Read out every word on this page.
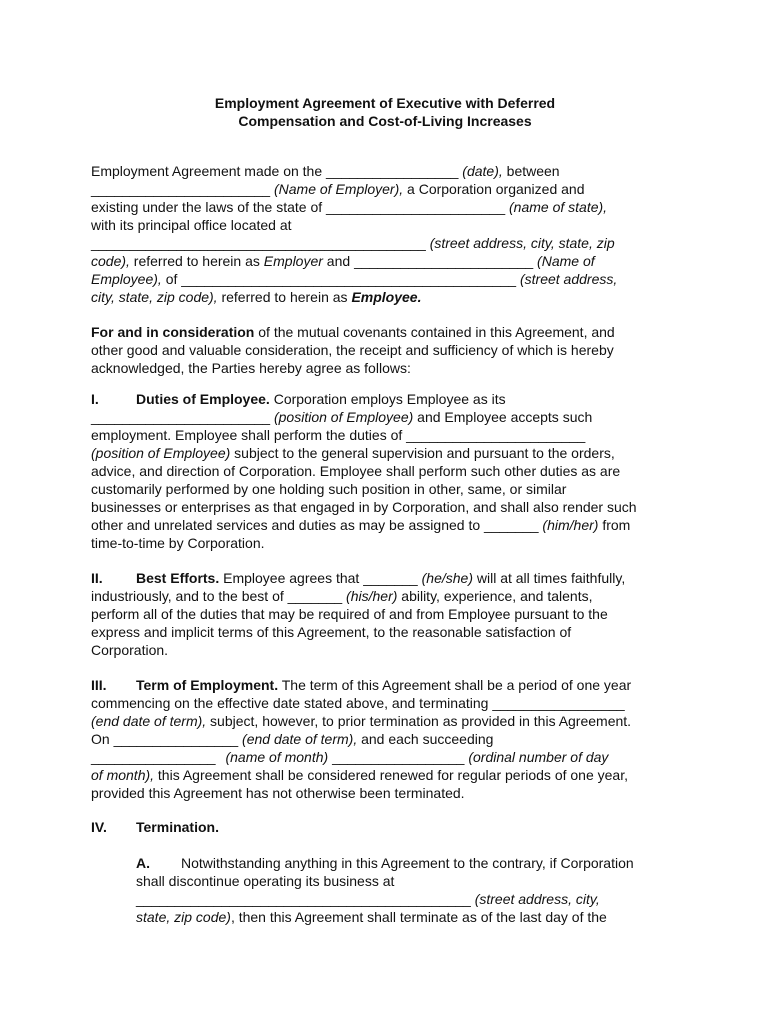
Employment Agreement of Executive with Deferred
Compensation and Cost-of-Living Increases
Employment Agreement made on the _________________ (date), between
_______________________ (Name of Employer), a Corporation organized and
existing under the laws of the state of _______________________ (name of state),
with its principal office located at
___________________________________________ (street address, city, state, zip
code), referred to herein as Employer and _______________________ (Name of
Employee), of ___________________________________________ (street address,
city, state, zip code), referred to herein as Employee.
For and in consideration of the mutual covenants contained in this Agreement, and
other good and valuable consideration, the receipt and sufficiency of which is hereby
acknowledged, the Parties hereby agree as follows:
I.	Duties of Employee. Corporation employs Employee as its
_______________________ (position of Employee) and Employee accepts such
employment. Employee shall perform the duties of _______________________
(position of Employee) subject to the general supervision and pursuant to the orders,
advice, and direction of Corporation. Employee shall perform such other duties as are
customarily performed by one holding such position in other, same, or similar
businesses or enterprises as that engaged in by Corporation, and shall also render such
other and unrelated services and duties as may be assigned to _______ (him/her) from
time-to-time by Corporation.
II. Best Efforts. Employee agrees that _______ (he/she) will at all times faithfully,
industriously, and to the best of _______ (his/her) ability, experience, and talents,
perform all of the duties that may be required of and from Employee pursuant to the
express and implicit terms of this Agreement, to the reasonable satisfaction of
Corporation.
III. Term of Employment. The term of this Agreement shall be a period of one year
commencing on the effective date stated above, and terminating _________________
(end date of term), subject, however, to prior termination as provided in this Agreement.
On ________________ (end date of term), and each succeeding
________________ (name of month) _________________ (ordinal number of day
of month), this Agreement shall be considered renewed for regular periods of one year,
provided this Agreement has not otherwise been terminated.
IV. Termination.
A. Notwithstanding anything in this Agreement to the contrary, if Corporation
shall discontinue operating its business at
___________________________________________ (street address, city,
state, zip code), then this Agreement shall terminate as of the last day of the
